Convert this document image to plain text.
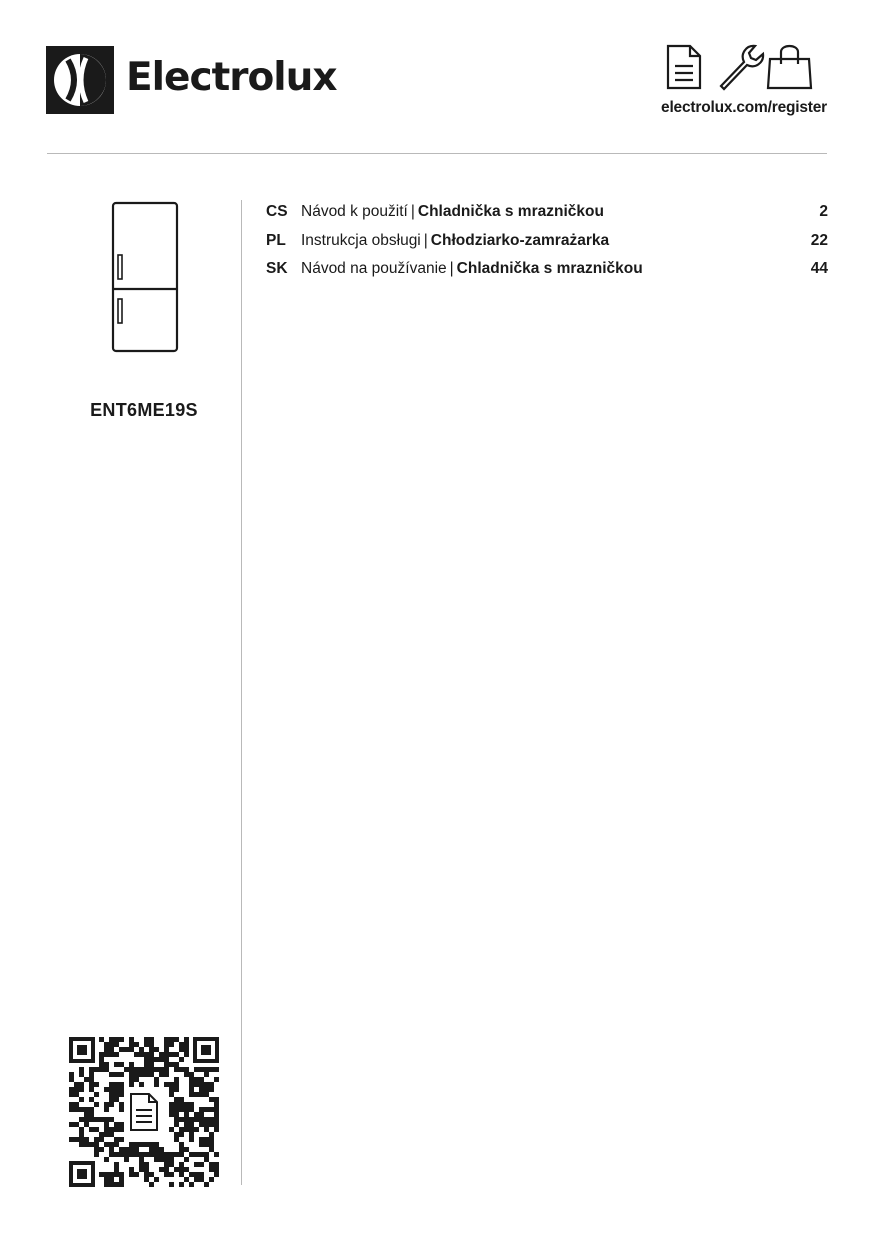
Electrolux
electrolux.com/register
ENT6ME19S
CS Návod k použití | Chladnička s mrazničkou	2
PL Instrukcja obsługi | Chłodziarko-zamrażarka	22
SK Návod na používanie | Chladnička s mrazničkou	44
